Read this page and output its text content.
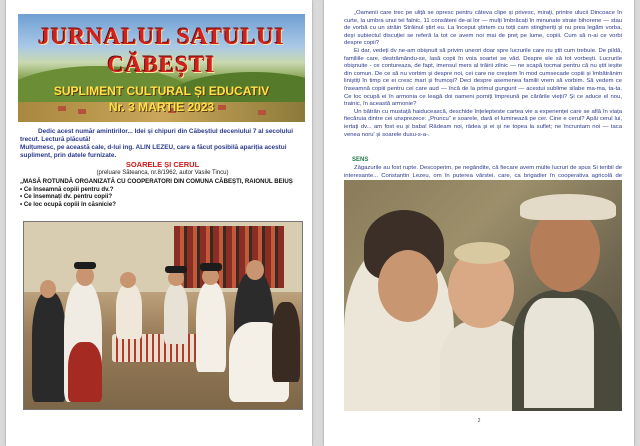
JURNALUL SATULUI
CĂBEȘTI
SUPLIMENT CULTURAL ȘI EDUCATIV
Nr. 3 MARTIE 2023

Dedic acest număr amintirilor... Idei și chipuri din Căbeștiul deceniului 7 al secolului trecut. Lectură plăcută!

Mulțumesc, pe această cale, d-lui ing. ALIN LEZEU, care a făcut posibilă apariția acestui supliment, prin datele furnizate.

SOARELE ȘI CERUL
(preluare Săteanca, nr.8/1962, autor Vasile Tincu)
„MASĂ ROTUNDĂ ORGANIZATĂ CU COOPERATORI DIN COMUNA CĂBEȘTI, RAIONUL BEIUȘ
• Ce înseamnă copiii pentru dv.?
• Ce însemnați dv. pentru copii?
• Ce loc ocupă copiii în căsnicie?

„Oamenii care trec pe uliță se opresc pentru câteva clipe și privesc, mirați, printre ulucii Dincoace în curte, la umbra unui tei falnic, 11 consăteni de-ai lor — mulți îmbrăcați în minunate straie bihorene — stau de vorbă cu un străin Străinul știrt eu. La început știrtem cu toții cam stingheriți și nu prea legăm vorba, deși subiectul discuției se referă la tot ce avem noi mai de preț pe lume, copiii. Cum să n-ai ce vorbi despre copii?

Ei dar, vedeți dv ne-am obișnuit să privim uneori doar spre lucrurile care nu știt cum trebuie. De pildă, familiile care, destrămându-se, lasă copii în voia soartei se văd. Despre ele să tot vorbești. Lucrurile obișnuite - ce contureaza, de fapt, imensul mers al trăirii zilnic — ne scapă tocmai pentru că nu știt ieșite din comun. De ce să nu vorbim și despre noi, cei care ne creștem în mod cumsecade copiii și îmbătrânim liniștiți în timp ce ei cresc mari și frumoși? Deci despre asemenea familii vrem să vorbim. Să vedem ce înseamnă copiii pentru cei care aud — încă de la primul gungurit — acestui sublime silabe ma-ma, ta-ta. Ce loc ocupă ei în armonia ce leagă doi oameni porniți împreună pe cărările vieții? Și ce aduce el nou, trainic, în această armonie?

Un bătrân cu mustață haiducească, deschide înțelepteste cartea vie a experienței care se află în viața fiecăruia dintre cei unsprezece: „Pruncu” e soarele, dară el luminează pe cer. Cine e cerul? Apăi cerul lui, iertați dv... am fost eu și baba! Râdeam noi, râdea și ei și ne topea la suflet; ne încruntam noi — taca venea noru' și soarele dusu-s-a-.

SENS

Zâgazurile au fost rupte. Descoperim, pe negândite, că fiecare avem multe lucruri de spus Si teribil de interesante... Constantin Lezeu, om în puterea vârstei. care, ca brigadier în cooperativa agricolă de

2
